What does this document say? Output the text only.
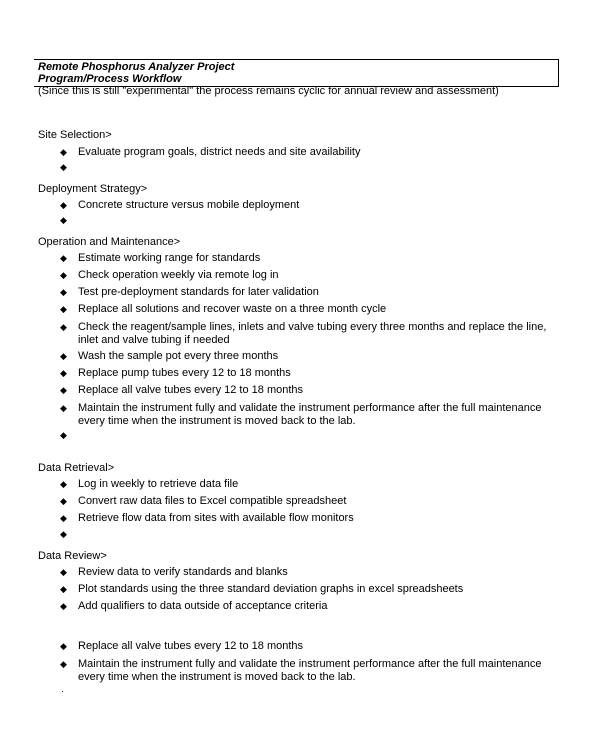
Remote Phosphorus Analyzer Project
Program/Process Workflow
(Since this is still "experimental" the process remains cyclic for annual review and assessment)
Site Selection>
◆ Evaluate program goals, district needs and site availability
◆
Deployment Strategy>
◆ Concrete structure versus mobile deployment
◆
Operation and Maintenance>
◆ Estimate working range for standards
◆ Check operation weekly via remote log in
◆ Test pre-deployment standards for later validation
◆ Replace all solutions and recover waste on a three month cycle
◆ Check the reagent/sample lines, inlets and valve tubing every three months and replace the line, inlet and valve tubing if needed
◆ Wash the sample pot every three months
◆ Replace pump tubes every 12 to 18 months
◆ Replace all valve tubes every 12 to 18 months
◆ Maintain the instrument fully and validate the instrument performance after the full maintenance every time when the instrument is moved back to the lab.
◆
Data Retrieval>
◆ Log in weekly to retrieve data file
◆ Convert raw data files to Excel compatible spreadsheet
◆ Retrieve flow data from sites with available flow monitors
◆
Data Review>
◆ Review data to verify standards and blanks
◆ Plot standards using the three standard deviation graphs in excel spreadsheets
◆ Add qualifiers to data outside of acceptance criteria
◆ Replace all valve tubes every 12 to 18 months
◆ Maintain the instrument fully and validate the instrument performance after the full maintenance every time when the instrument is moved back to the lab.
·
